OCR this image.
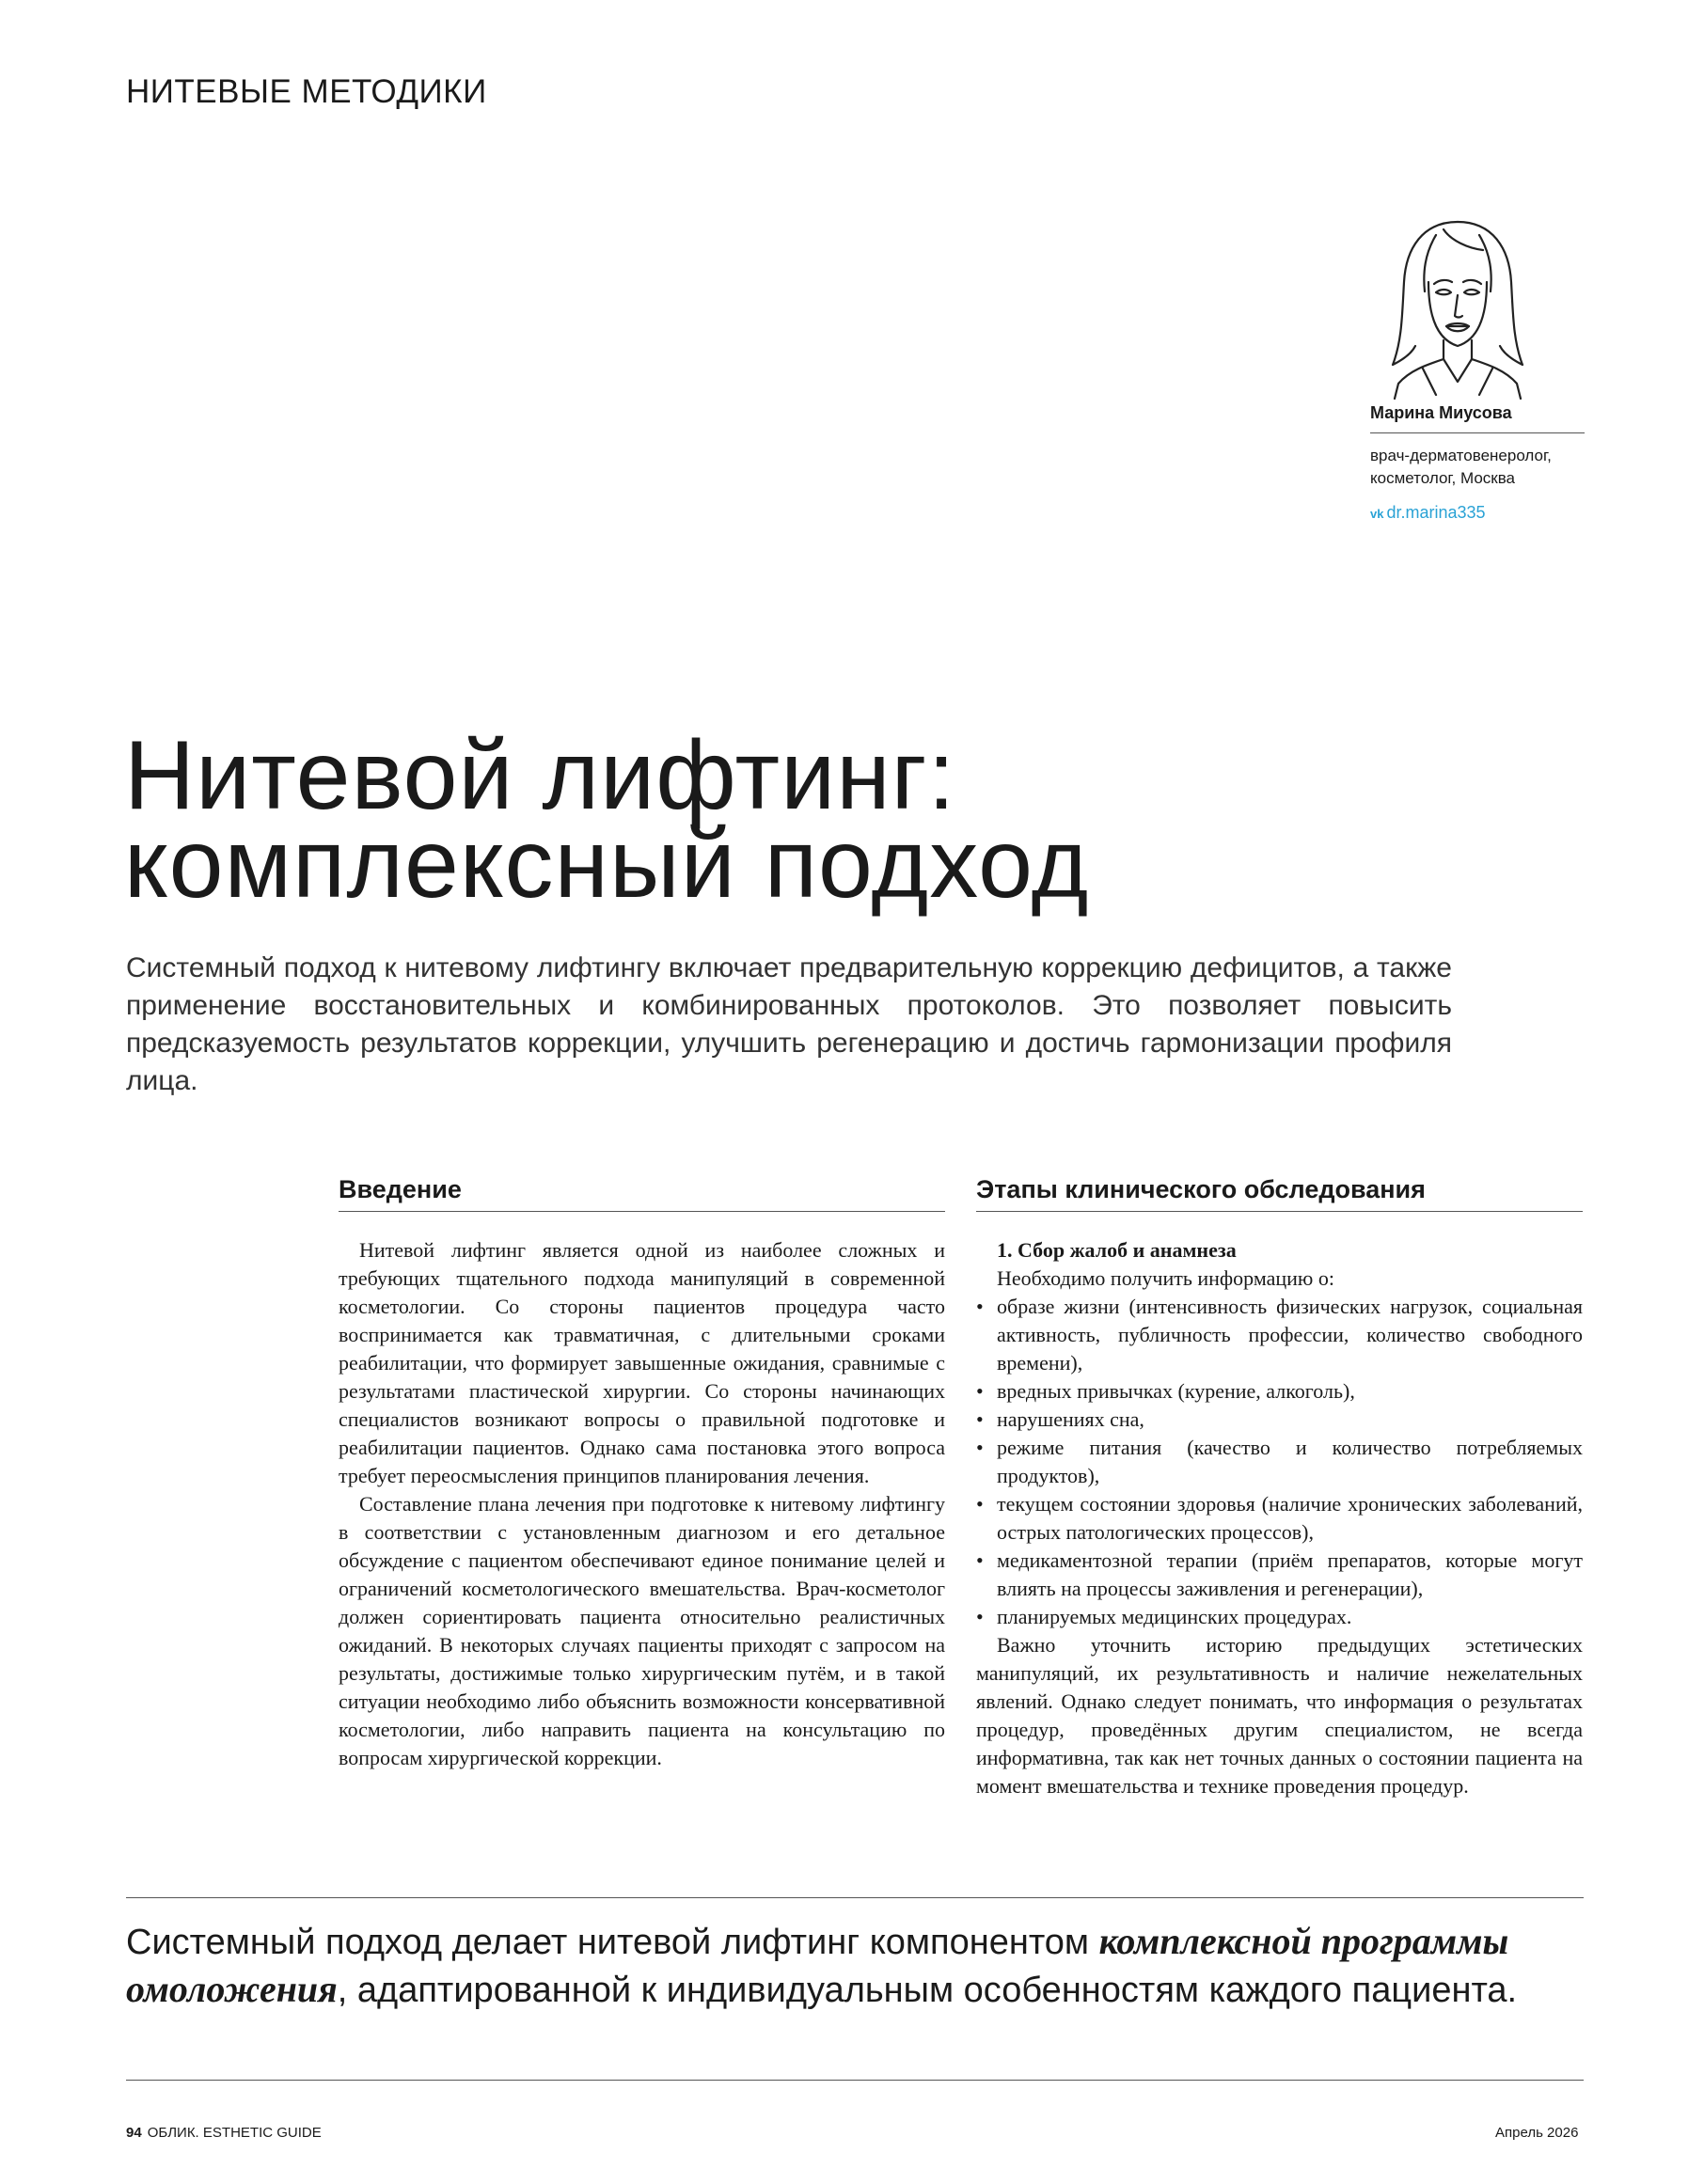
НИТЕВЫЕ МЕТОДИКИ
Марина Миусова
врач-дерматовенеролог,
косметолог, Москва
vk dr.marina335
Нитевой лифтинг:
комплексный подход
Системный подход к нитевому лифтингу включает предварительную коррекцию дефицитов, а также применение восстановительных и комбинированных протоколов. Это позволяет повысить предсказуемость результатов коррекции, улучшить регенерацию и достичь гармонизации профиля лица.
Введение

Нитевой лифтинг является одной из наиболее сложных и требующих тщательного подхода манипуляций в современной косметологии. Со стороны пациентов процедура часто воспринимается как травматичная, с длительными сроками реабилитации, что формирует завышенные ожидания, сравнимые с результатами пластической хирургии. Со стороны начинающих специалистов возникают вопросы о правильной подготовке и реабилитации пациентов. Однако сама постановка этого вопроса требует переосмысления принципов планирования лечения.

Составление плана лечения при подготовке к нитевому лифтингу в соответствии с установленным диагнозом и его детальное обсуждение с пациентом обеспечивают единое понимание целей и ограничений косметологического вмешательства. Врач-косметолог должен сориентировать пациента относительно реалистичных ожиданий. В некоторых случаях пациенты приходят с запросом на результаты, достижимые только хирургическим путём, и в такой ситуации необходимо либо объяснить возможности консервативной косметологии, либо направить пациента на консультацию по вопросам хирургической коррекции.

Этапы клинического обследования
1. Сбор жалоб и анамнеза
Необходимо получить информацию о:
• образе жизни (интенсивность физических нагрузок, социальная активность, публичность профессии, количество свободного времени),
• вредных привычках (курение, алкоголь),
• нарушениях сна,
• режиме питания (качество и количество потребляемых продуктов),
• текущем состоянии здоровья (наличие хронических заболеваний, острых патологических процессов),
• медикаментозной терапии (приём препаратов, которые могут влиять на процессы заживления и регенерации),
• планируемых медицинских процедурах.

Важно уточнить историю предыдущих эстетических манипуляций, их результативность и наличие нежелательных явлений. Однако следует понимать, что информация о результатах процедур, проведённых другим специалистом, не всегда информативна, так как нет точных данных о состоянии пациента на момент вмешательства и технике проведения процедур.

Системный подход делает нитевой лифтинг компонентом комплексной программы омоложения, адаптированной к индивидуальным особенностям каждого пациента.
94 ОБЛИК. ESTHETIC GUIDE	Апрель 2026
